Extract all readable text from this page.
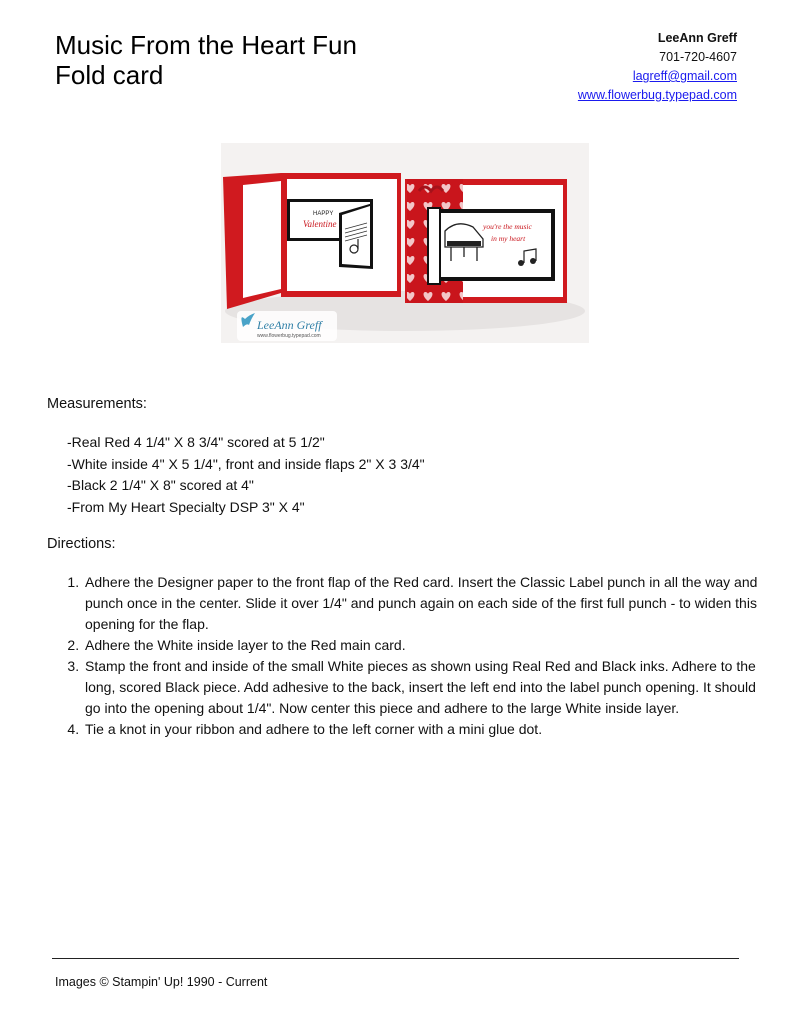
Music From the Heart Fun
Fold card
LeeAnn Greff
701-720-4607
lagreff@gmail.com
www.flowerbug.typepad.com
HAPPY
Valentine	you're the music
in my heart
LeeAnn Greff
www.flowerbug.typepad.com
Measurements:
-Real Red 4 1/4" X 8 3/4" scored at 5 1/2"
-White inside 4" X 5 1/4", front and inside flaps 2" X 3 3/4"
-Black 2 1/4" X 8" scored at 4"
-From My Heart Specialty DSP 3" X 4"
Directions:
1. Adhere the Designer paper to the front flap of the Red card. Insert the Classic Label punch in all the way and punch once in the center. Slide it over 1/4" and punch again on each side of the first full punch - to widen this opening for the flap.
2. Adhere the White inside layer to the Red main card.
3. Stamp the front and inside of the small White pieces as shown using Real Red and Black inks. Adhere to the long, scored Black piece. Add adhesive to the back, insert the left end into the label punch opening. It should go into the opening about 1/4". Now center this piece and adhere to the large White inside layer.
4. Tie a knot in your ribbon and adhere to the left corner with a mini glue dot.
Images © Stampin' Up! 1990 - Current
